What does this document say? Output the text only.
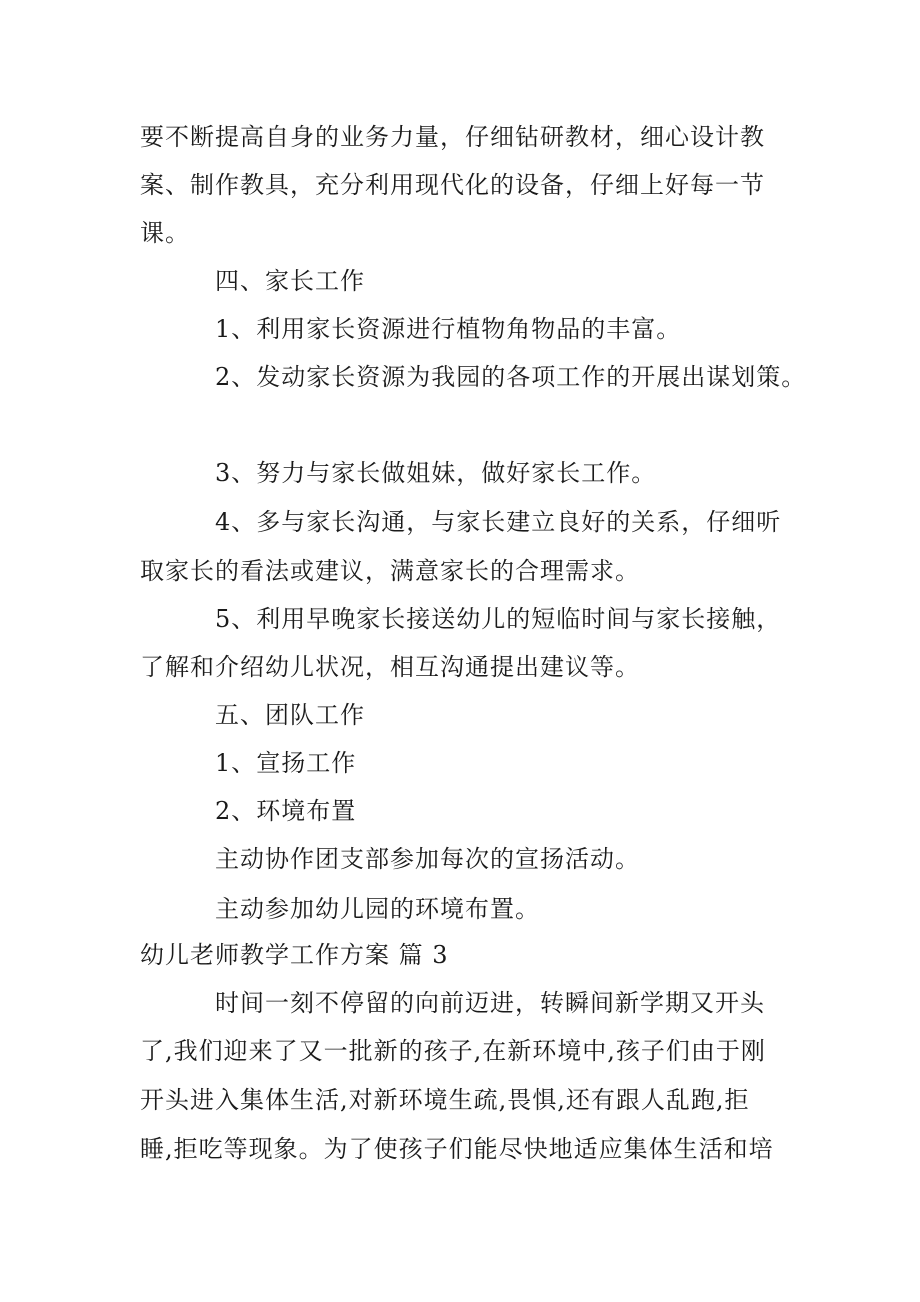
要不断提高自身的业务力量，仔细钻研教材，细心设计教
案、制作教具，充分利用现代化的设备，仔细上好每一节
课。
四、家长工作
1、利用家长资源进行植物角物品的丰富。
2、发动家长资源为我园的各项工作的开展出谋划策。
3、努力与家长做姐妹，做好家长工作。
4、多与家长沟通，与家长建立良好的关系，仔细听
取家长的看法或建议，满意家长的合理需求。
5、利用早晚家长接送幼儿的短临时间与家长接触，
了解和介绍幼儿状况，相互沟通提出建议等。
五、团队工作
1、宣扬工作
2、环境布置
主动协作团支部参加每次的宣扬活动。
主动参加幼儿园的环境布置。
幼儿老师教学工作方案 篇 3
时间一刻不停留的向前迈进，转瞬间新学期又开头
了,我们迎来了又一批新的孩子,在新环境中,孩子们由于刚
开头进入集体生活,对新环境生疏,畏惧,还有跟人乱跑,拒
睡,拒吃等现象。为了使孩子们能尽快地适应集体生活和培
